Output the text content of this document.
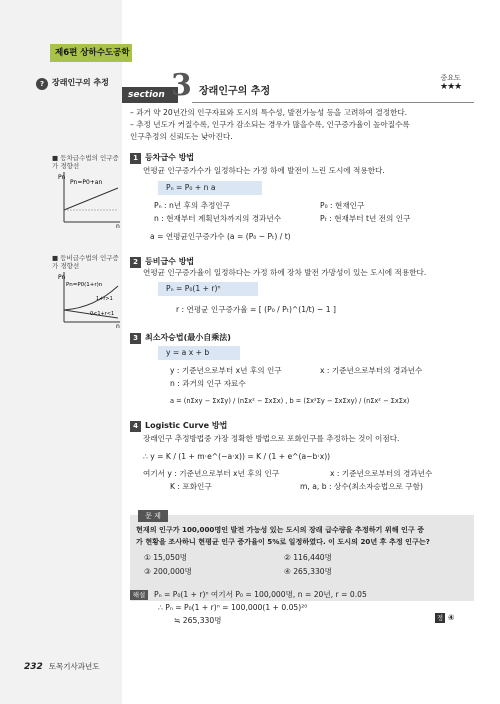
제6편 상하수도공학
? 장래인구의 추정
section 3 장래인구의 추정
중요도
★★★
– 과거 약 20년간의 인구자료와 도시의 특수성, 발전가능성 등을 고려하여 결정한다.
– 추정 년도가 커질수록, 인구가 감소되는 경우가 많을수록, 인구증가율이 높아질수록
인구추정의 신뢰도는 낮아진다.
■ 등차급수법의 인구증가 경향선
Pn
Pn=P0+an
n
■ 등비급수법의 인구증가 경향선
Pn
Pn=P0(1+r)n
1+r>1
0<1+r<1
n
1 등차급수 방법
연평균 인구증가수가 일정하다는 가정 하에 발전이 느린 도시에 적용한다.
Pₙ = P₀ + n a
Pₙ : n년 후의 추정인구	P₀ : 현재인구
n : 현재부터 계획년차까지의 경과년수	Pₜ : 현재부터 t년 전의 인구
a = 연평균인구증가수 (a = (P₀ − Pₜ) / t)
2 등비급수 방법
연평균 인구증가율이 일정하다는 가정 하에 장차 발전 가망성이 있는 도시에 적용한다.
Pₙ = P₀(1 + r)ⁿ
r : 연평균 인구증가율 = [ (P₀ / Pₜ)^(1/t) − 1 ]
3 최소자승법(最小自乘法)
y = a x + b
y : 기준년으로부터 x년 후의 인구	x : 기준년으로부터의 경과년수
n : 과거의 인구 자료수
a = (nΣxy − ΣxΣy) / (nΣx² − ΣxΣx) , b = (Σx²Σy − ΣxΣxy) / (nΣx² − ΣxΣx)
4 Logistic Curve 방법
장래인구 추정방법중 가장 정확한 방법으로 포화인구를 추정하는 것이 이점다.
∴ y = K / (1 + m·e^(−a·x)) = K / (1 + e^(a−b·x))
여기서 y : 기준년으로부터 x년 후의 인구	x : 기준년으로부터의 경과년수
K : 포화인구	m, a, b : 상수(최소자승법으로 구함)
문 제
현재의 인구가 100,000명인 발전 가능성 있는 도시의 장래 급수량을 추정하기 위해 인구 증
가 현황을 조사하니 현평균 인구 증가율이 5%로 일정하였다. 이 도시의 20년 후 추정 인구는?
① 15,050명	② 116,440명
③ 200,000명	④ 265,330명
해설	Pₙ = P₀(1 + r)ⁿ 여기서 P₀ = 100,000명, n = 20년, r = 0.05
∴ Pₙ = P₀(1 + r)ⁿ = 100,000(1 + 0.05)²⁰
≒ 265,330명	정 ④
232 토목기사과년도
